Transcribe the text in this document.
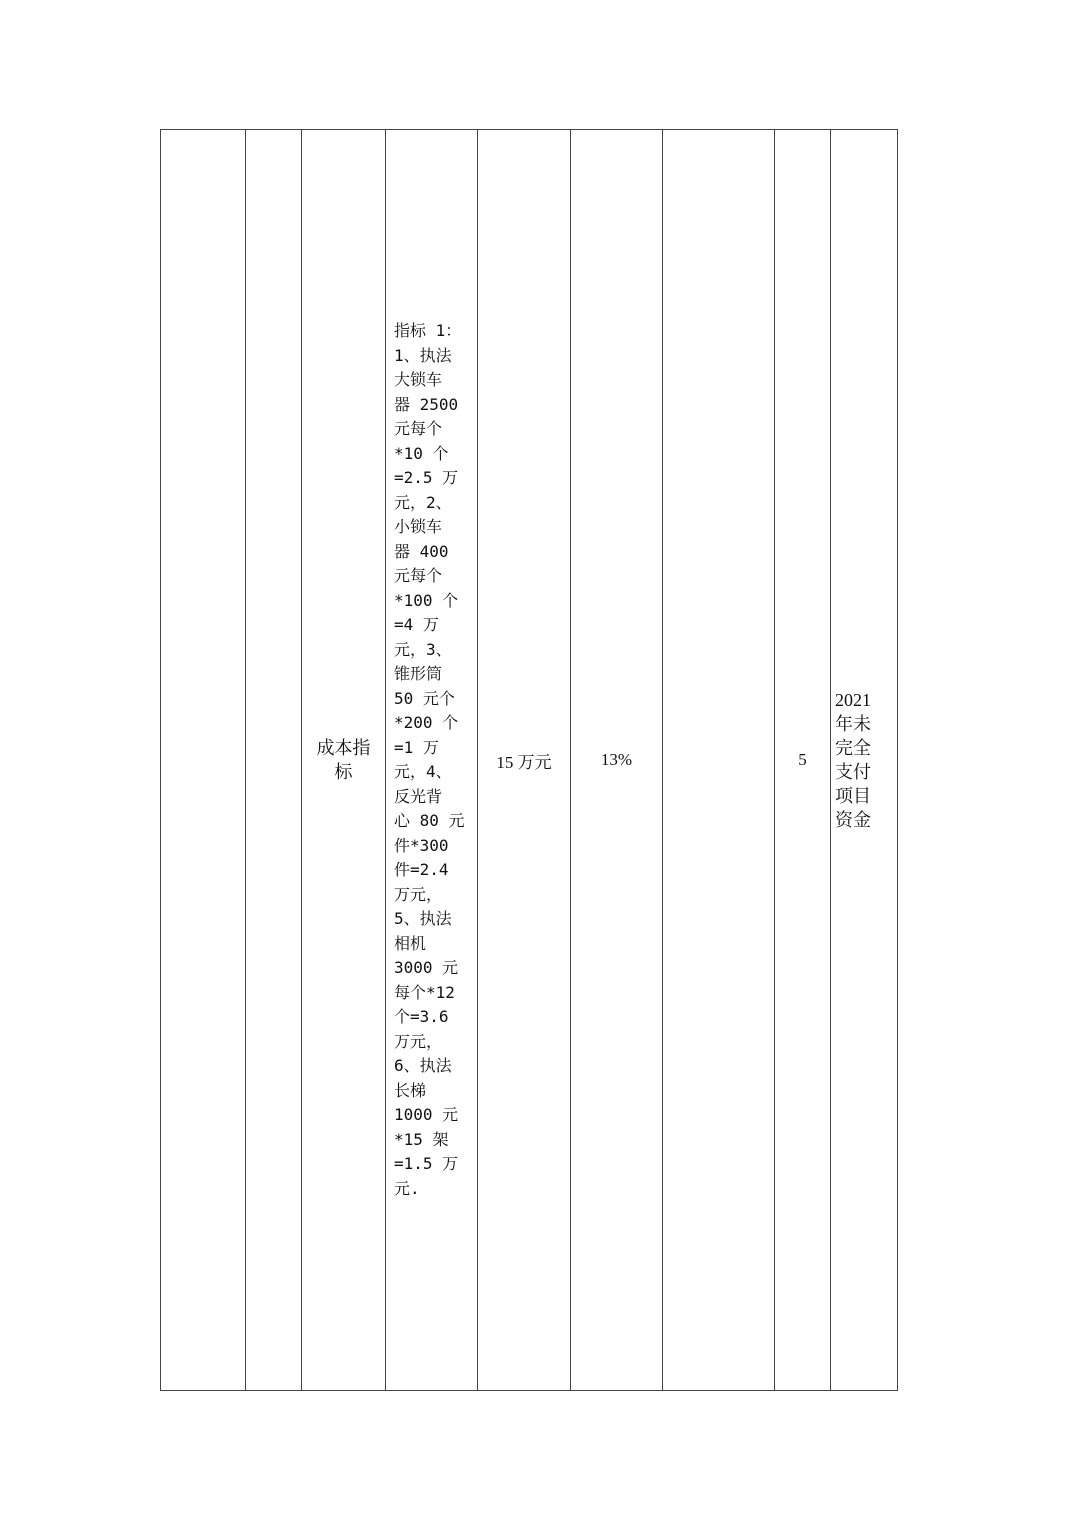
成本指标
指标 1：
1、执法
大锁车
器 2500
元每个
*10 个
=2.5 万
元，2、
小锁车
器 400
元每个
*100 个
=4 万
元，3、
锥形筒
50 元个
*200 个
=1 万
元，4、
反光背
心 80 元
件*300
件=2.4
万元，
5、执法
相机
3000 元
每个*12
个=3.6
万元，
6、执法
长梯
1000 元
*15 架
=1.5 万
元.
15 万元	13%	5
2021年未完全支付项目资金
